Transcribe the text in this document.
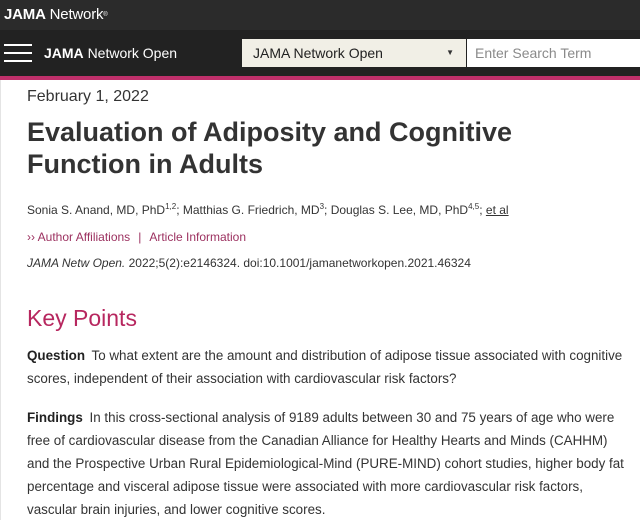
JAMA Network®
JAMA Network Open	JAMA Network Open	▼
Enter Search Term
February 1, 2022
Evaluation of Adiposity and Cognitive Function in Adults
Sonia S. Anand, MD, PhD$^{1,2}$; Matthias G. Friedrich, $MD^3$; Douglas S. Lee, MD, PhD$^{4,5}$; et al
›› Author Affiliations | Article Information
JAMA Netw Open. 2022;5(2):e2146324. doi:10.1001/jamanetworkopen.2021.46324
Key Points

Question To what extent are the amount and distribution of adipose tissue associated with cognitive scores, independent of their association with cardiovascular risk factors?

Findings In this cross-sectional analysis of 9189 adults between 30 and 75 years of age who were free of cardiovascular disease from the Canadian Alliance for Healthy Hearts and Minds (CAHHM) and the Prospective Urban Rural Epidemiological-Mind (PURE-MIND) cohort studies, higher body fat percentage and visceral adipose tissue were associated with more cardiovascular risk factors, vascular brain injuries, and lower cognitive scores.
